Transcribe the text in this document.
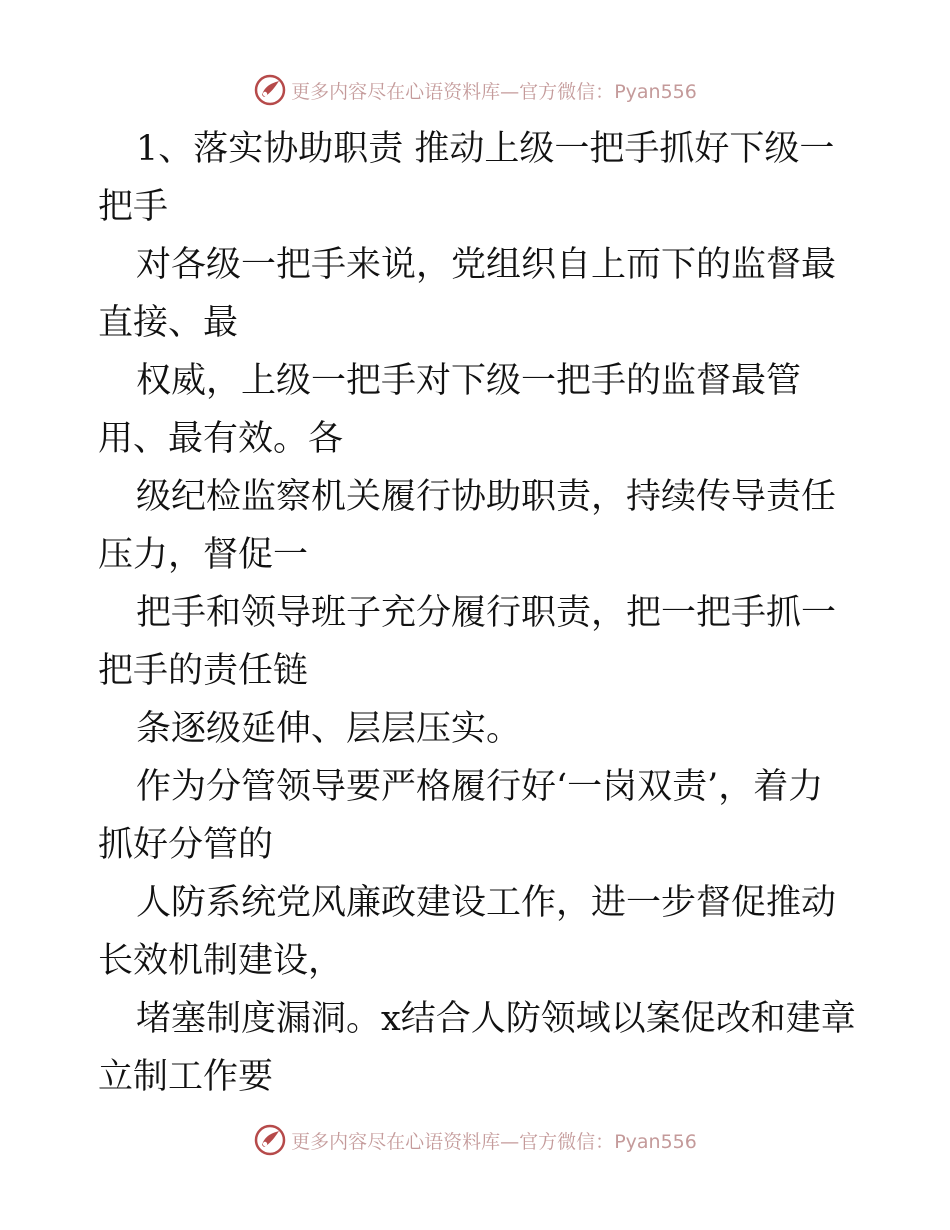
更多内容尽在心语资料库—官方微信：Pyan556

1、落实协助职责 推动上级一把手抓好下级一把手

对各级一把手来说，党组织自上而下的监督最直接、最

权威，上级一把手对下级一把手的监督最管用、最有效。各

级纪检监察机关履行协助职责，持续传导责任压力，督促一

把手和领导班子充分履行职责，把一把手抓一把手的责任链

条逐级延伸、层层压实。

作为分管领导要严格履行好‘一岗双责’，着力抓好分管的

人防系统党风廉政建设工作，进一步督促推动长效机制建设，

堵塞制度漏洞。x结合人防领域以案促改和建章立制工作要

更多内容尽在心语资料库—官方微信：Pyan556
